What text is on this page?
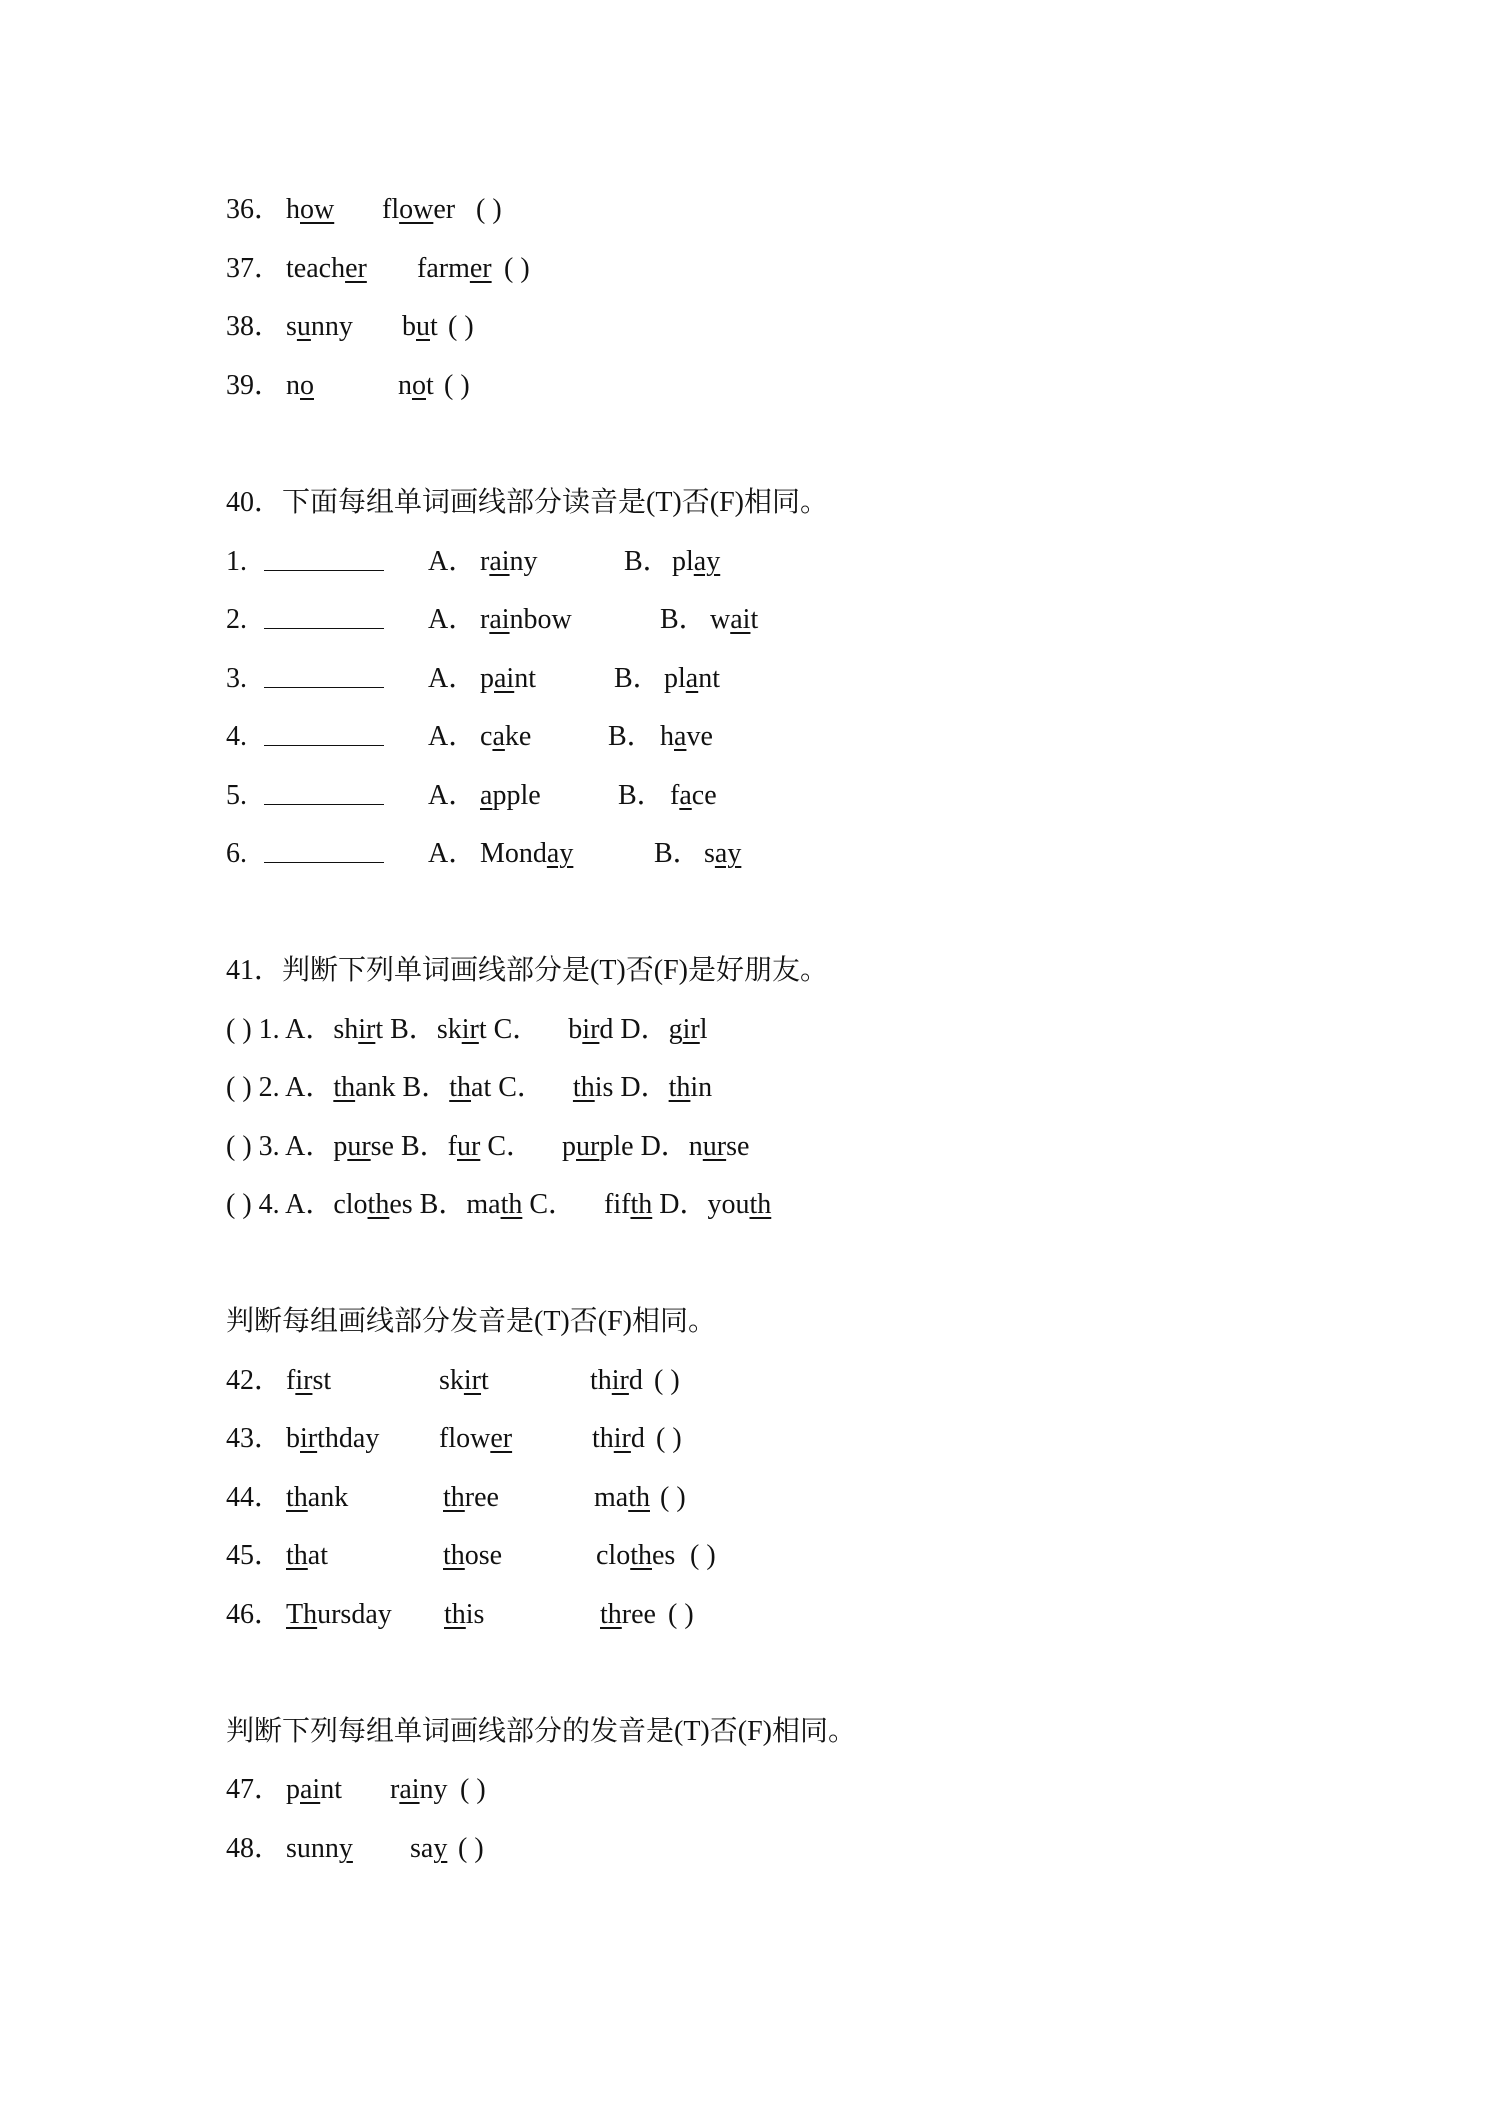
36． how flower ( )
37． teacher farmer ( )
38． sunny but ( )
39． no	not ( )
40．下面每组单词画线部分读音是(T)否(F)相同。
1.	A． rainy	B． play
2.	A． rainbow	B． wait
3.	A． paint	B． plant
4.	A． cake	B． have
5.	A． apple	B． face
6.	A． Monday	B． say
41．判断下列单词画线部分是(T)否(F)是好朋友。
( ) 1. A．shirt B．skirt C． bird D．girl
( ) 2. A．thank B．that C． this D．thin
( ) 3. A．purse B．fur C． purple D．nurse
( ) 4. A．clothes B．math C． fifth D．youth
判断每组画线部分发音是(T)否(F)相同。
42． first	skirt	third ( )
43． birthday flower	third ( )
44． thank	three	math ( )
45． that	those	clothes ( )
46． Thursday this	three ( )
判断下列每组单词画线部分的发音是(T)否(F)相同。
47． paint rainy ( )
48． sunny say ( )
